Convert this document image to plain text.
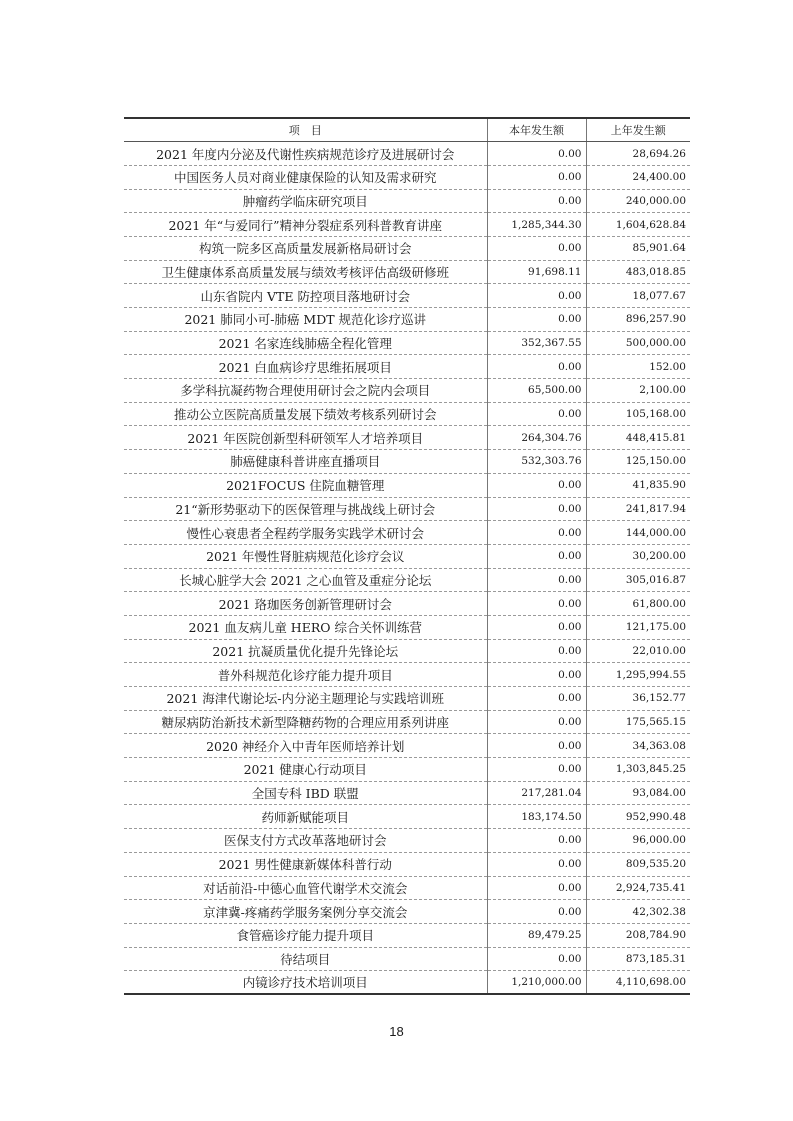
项　目	本年发生额	上年发生额
2021 年度内分泌及代谢性疾病规范诊疗及进展研讨会	0.00	28,694.26
中国医务人员对商业健康保险的认知及需求研究	0.00	24,400.00
肿瘤药学临床研究项目	0.00	240,000.00
2021 年“与爱同行”精神分裂症系列科普教育讲座	1,285,344.30	1,604,628.84
构筑一院多区高质量发展新格局研讨会	0.00	85,901.64
卫生健康体系高质量发展与绩效考核评估高级研修班	91,698.11	483,018.85
山东省院内 VTE 防控项目落地研讨会	0.00	18,077.67
2021 肺同小可-肺癌 MDT 规范化诊疗巡讲	0.00	896,257.90
2021 名家连线肺癌全程化管理	352,367.55	500,000.00
2021 白血病诊疗思维拓展项目	0.00	152.00
多学科抗凝药物合理使用研讨会之院内会项目	65,500.00	2,100.00
推动公立医院高质量发展下绩效考核系列研讨会	0.00	105,168.00
2021 年医院创新型科研领军人才培养项目	264,304.76	448,415.81
肺癌健康科普讲座直播项目	532,303.76	125,150.00
2021FOCUS 住院血糖管理	0.00	41,835.90
21“新形势驱动下的医保管理与挑战线上研讨会	0.00	241,817.94
慢性心衰患者全程药学服务实践学术研讨会	0.00	144,000.00
2021 年慢性肾脏病规范化诊疗会议	0.00	30,200.00
长城心脏学大会 2021 之心血管及重症分论坛	0.00	305,016.87
2021 珞珈医务创新管理研讨会	0.00	61,800.00
2021 血友病儿童 HERO 综合关怀训练营	0.00	121,175.00
2021 抗凝质量优化提升先锋论坛	0.00	22,010.00
普外科规范化诊疗能力提升项目	0.00	1,295,994.55
2021 海津代谢论坛-内分泌主题理论与实践培训班	0.00	36,152.77
糖尿病防治新技术新型降糖药物的合理应用系列讲座	0.00	175,565.15
2020 神经介入中青年医师培养计划	0.00	34,363.08
2021 健康心行动项目	0.00	1,303,845.25
全国专科 IBD 联盟	217,281.04	93,084.00
药师新赋能项目	183,174.50	952,990.48
医保支付方式改革落地研讨会	0.00	96,000.00
2021 男性健康新媒体科普行动	0.00	809,535.20
对话前沿-中德心血管代谢学术交流会	0.00	2,924,735.41
京津冀-疼痛药学服务案例分享交流会	0.00	42,302.38
食管癌诊疗能力提升项目	89,479.25	208,784.90
待结项目	0.00	873,185.31
内镜诊疗技术培训项目	1,210,000.00	4,110,698.00
18
